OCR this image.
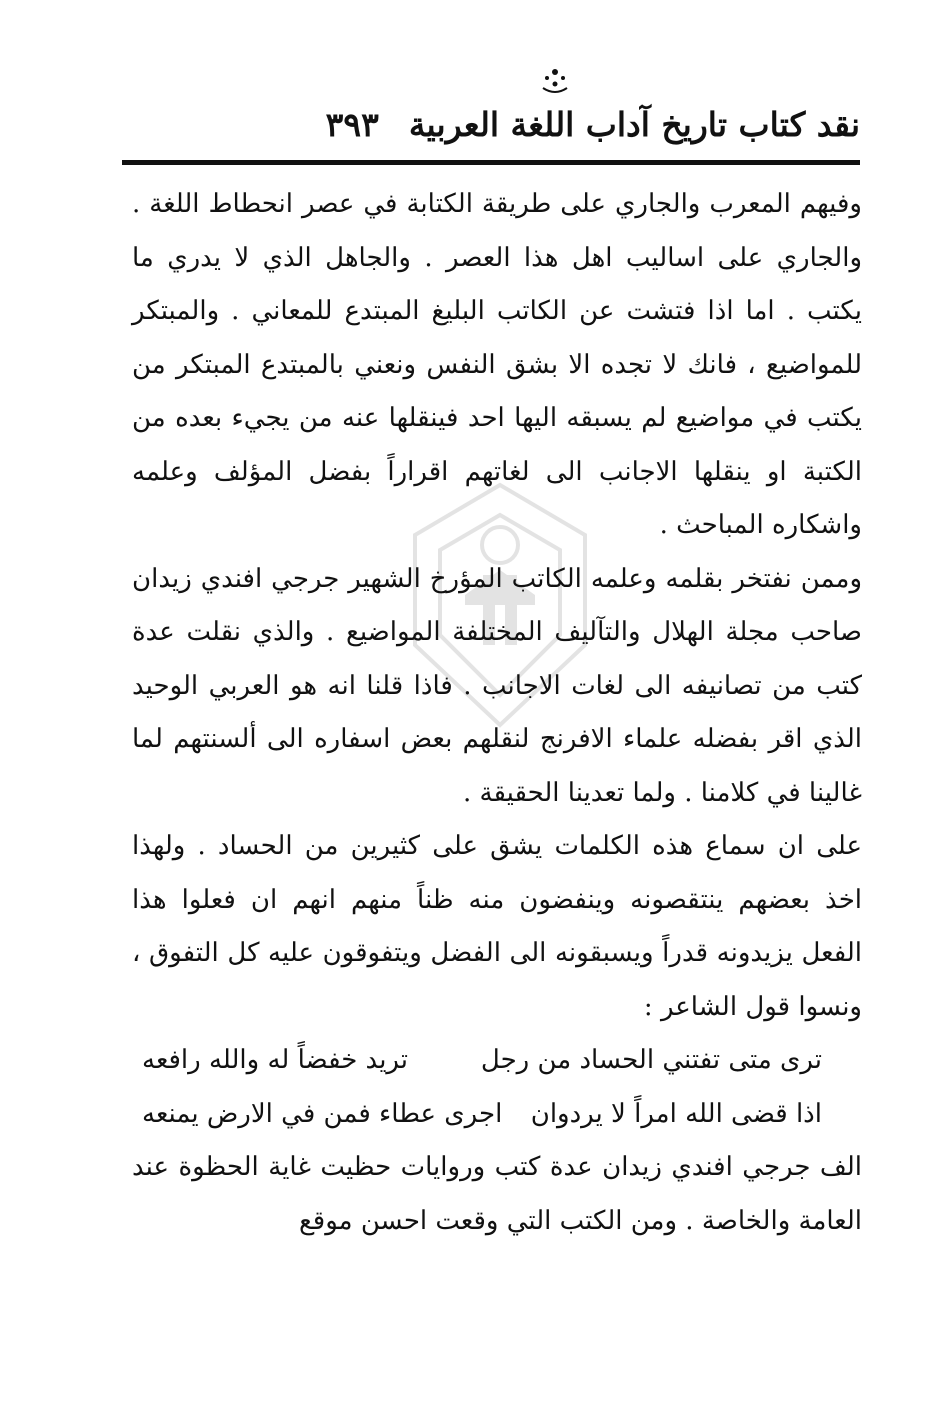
نقد كتاب تاريخ آداب اللغة العربية
٣٩٣

وفيهم المعرب والجاري على طريقة الكتابة في عصر انحطاط اللغة . والجاري على اساليب اهل هذا العصر . والجاهل الذي لا يدري ما يكتب . اما اذا فتشت عن الكاتب البليغ المبتدع للمعاني . والمبتكر للمواضيع ، فانك لا تجده الا بشق النفس ونعني بالمبتدع المبتكر من يكتب في مواضيع لم يسبقه اليها احد فينقلها عنه من يجيء بعده من الكتبة او ينقلها الاجانب الى لغاتهم اقراراً بفضل المؤلف وعلمه واشكاره المباحث .

وممن نفتخر بقلمه وعلمه الكاتب المؤرخ الشهير جرجي افندي زيدان صاحب مجلة الهلال والتآليف المختلفة المواضيع . والذي نقلت عدة كتب من تصانيفه الى لغات الاجانب . فاذا قلنا انه هو العربي الوحيد الذي اقر بفضله علماء الافرنج لنقلهم بعض اسفاره الى ألسنتهم لما غالينا في كلامنا . ولما تعدينا الحقيقة .

على ان سماع هذه الكلمات يشق على كثيرين من الحساد . ولهذا اخذ بعضهم ينتقصونه وينفضون منه ظناً منهم انهم ان فعلوا هذا الفعل يزيدونه قدراً ويسبقونه الى الفضل ويتفوقون عليه كل التفوق ، ونسوا قول الشاعر :

ترى متى تفتني الحساد من رجل
تريد خفضاً له والله رافعه
اذا قضى الله امراً لا يردوان
اجرى عطاء فمن في الارض يمنعه

الف جرجي افندي زيدان عدة كتب وروايات حظيت غاية الحظوة عند العامة والخاصة . ومن الكتب التي وقعت احسن موقع
